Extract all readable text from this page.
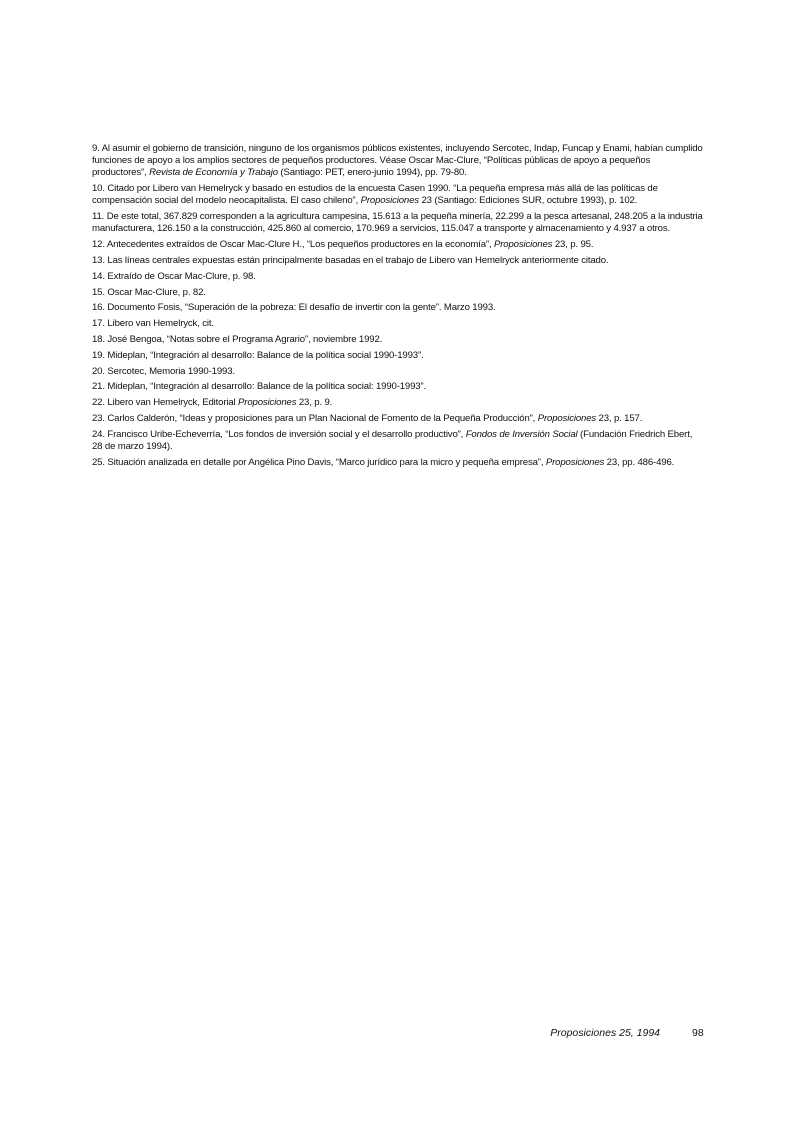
9. Al asumir el gobierno de transición, ninguno de los organismos públicos existentes, incluyendo Sercotec, Indap, Funcap y Enami, habían cumplido funciones de apoyo a los amplios sectores de pequeños productores. Véase Oscar Mac-Clure, “Políticas públicas de apoyo a pequeños productores”, Revista de Economía y Trabajo (Santiago: PET, enero-junio 1994), pp. 79-80.

10. Citado por Libero van Hemelryck y basado en estudios de la encuesta Casen 1990. “La pequeña empresa más allá de las políticas de compensación social del modelo neocapitalista. El caso chileno”, Proposiciones 23 (Santiago: Ediciones SUR, octubre 1993), p. 102.

11. De este total, 367.829 corresponden a la agricultura campesina, 15.613 a la pequeña minería, 22.299 a la pesca artesanal, 248.205 a la industria manufacturera, 126.150 a la construcción, 425.860 al comercio, 170.969 a servicios, 115.047 a transporte y almacenamiento y 4.937 a otros.

12. Antecedentes extraídos de Oscar Mac-Clure H., “Los pequeños productores en la economía”, Proposiciones 23, p. 95.

13. Las líneas centrales expuestas están principalmente basadas en el trabajo de Libero van Hemelryck anteriormente citado.

14. Extraído de Oscar Mac-Clure, p. 98.

15. Oscar Mac-Clure, p. 82.

16. Documento Fosis, “Superación de la pobreza: El desafío de invertir con la gente”. Marzo 1993.

17. Libero van Hemelryck, cit.

18. José Bengoa, “Notas sobre el Programa Agrario”, noviembre 1992.

19. Mideplan, “Integración al desarrollo: Balance de la política social 1990-1993”.

20. Sercotec, Memoria 1990-1993.

21. Mideplan, “Integración al desarrollo: Balance de la política social: 1990-1993”.

22. Libero van Hemelryck, Editorial Proposiciones 23, p. 9.

23. Carlos Calderón, “Ideas y proposiciones para un Plan Nacional de Fomento de la Pequeña Producción”, Proposiciones 23, p. 157.

24. Francisco Uribe-Echeverría, “Los fondos de inversión social y el desarrollo productivo”, Fondos de Inversión Social (Fundación Friedrich Ebert, 28 de marzo 1994).

25. Situación analizada en detalle por Angélica Pino Davis, “Marco jurídico para la micro y pequeña empresa”, Proposiciones 23, pp. 486-496.

Proposiciones 25, 1994	98
